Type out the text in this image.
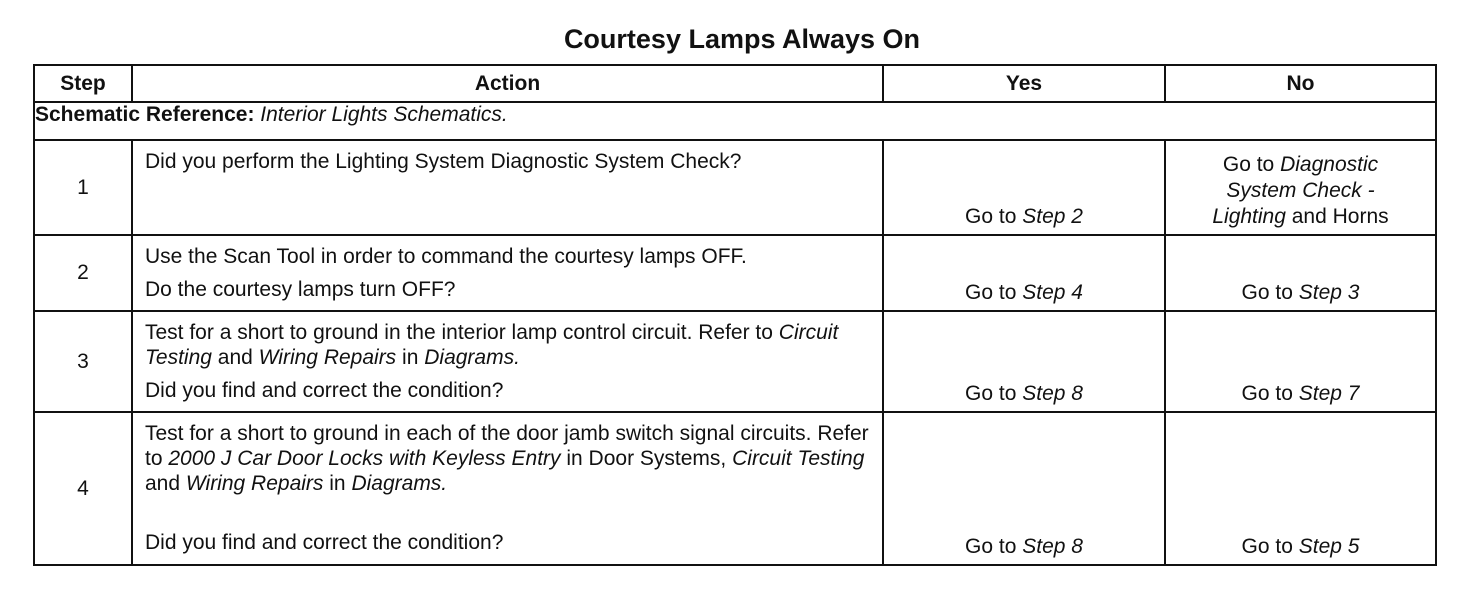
Courtesy Lamps Always On
Step	Action	Yes	No
Schematic Reference: Interior Lights Schematics.			
1	Did you perform the Lighting System Diagnostic System Check?	Go to Step 2	Go to Diagnostic
System Check -
Lighting and Horns

2	Use the Scan Tool in order to command the courtesy lamps OFF.

Do the courtesy lamps turn OFF?	Go to Step 4	Go to Step 3
3	Test for a short to ground in the interior lamp control circuit. Refer to Circuit Testing and Wiring Repairs in Diagrams.

Did you find and correct the condition?	Go to Step 8	Go to Step 7
4	Test for a short to ground in each of the door jamb switch signal circuits. Refer to 2000 J Car Door Locks with Keyless Entry in Door Systems, Circuit Testing and Wiring Repairs in Diagrams.

Did you find and correct the condition?	Go to Step 8	Go to Step 5
